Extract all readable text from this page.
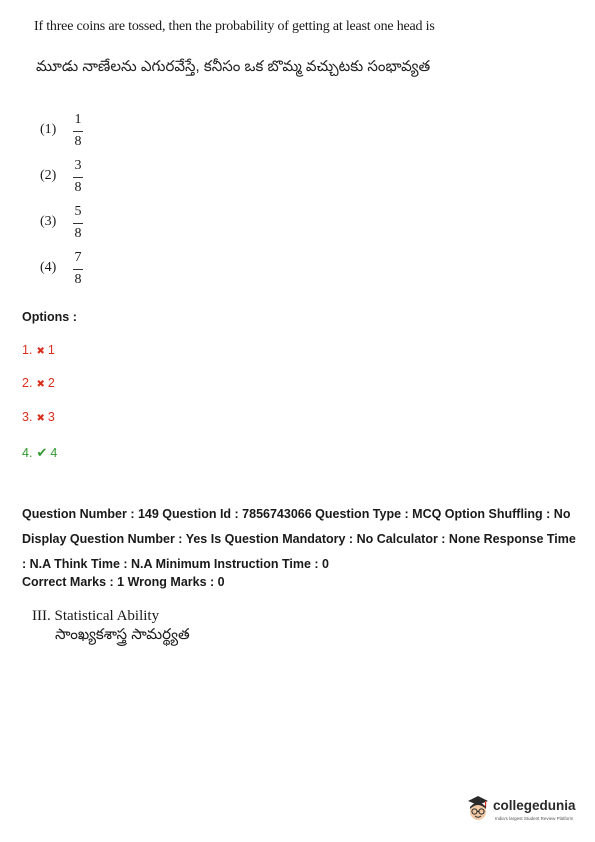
If three coins are tossed, then the probability of getting at least one head is
మూడు నాణేలను ఎగురవేస్తే, కనీసం ఒక బొమ్మ వచ్చుటకు సంభావ్యత
(1)
1
8
(2)
3
8
(3)
5
8
(4)
7
8
Options :
1. ✖ 1
2. ✖ 2
3. ✖ 3
4. ✔ 4
Question Number : 149 Question Id : 7856743066 Question Type : MCQ Option Shuffling : No Display Question Number : Yes Is Question Mandatory : No Calculator : None Response Time : N.A Think Time : N.A Minimum Instruction Time : 0
Correct Marks : 1 Wrong Marks : 0
III. Statistical Ability
సాంఖ్యకశాస్త్ర సామర్థ్యత
collegedunia
India's largest Student Review Platform
